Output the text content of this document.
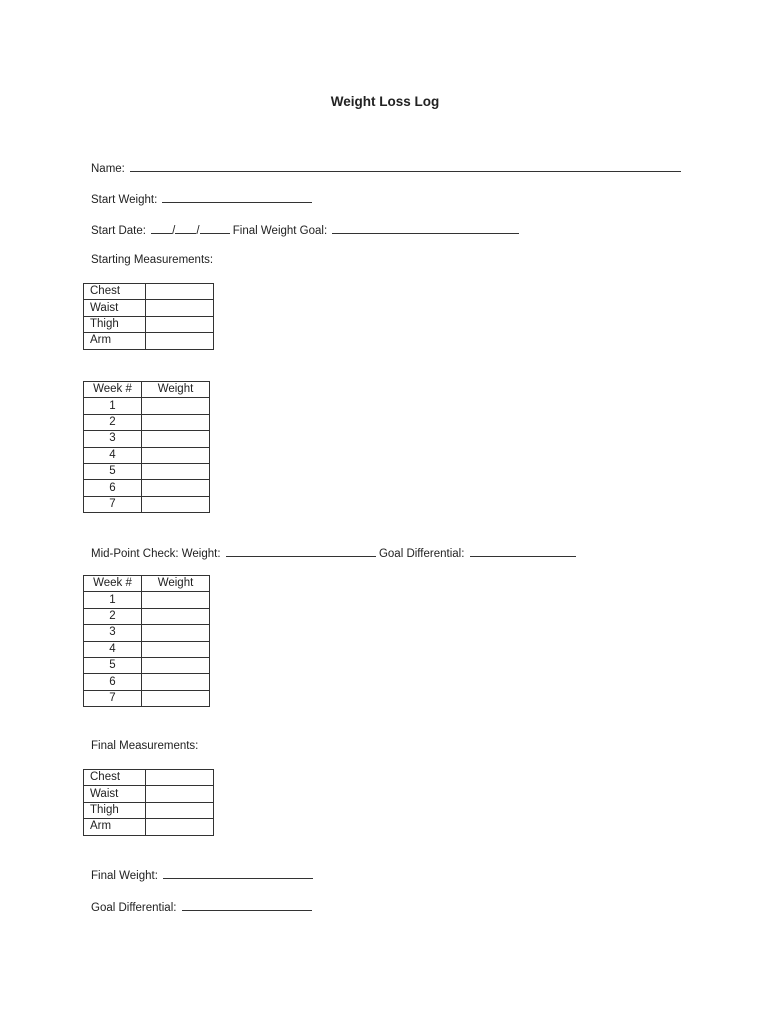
Weight Loss Log
Name:
Start Weight:
Start Date: / /	Final Weight Goal:
Starting Measurements:
Chest	
Waist	
Thigh	
Arm	
Week #	Weight
1	
2	
3	
4	
5	
6	
7	
Mid-Point Check: Weight:	Goal Differential:
Week #	Weight
1	
2	
3	
4	
5	
6	
7	
Final Measurements:
Chest	
Waist	
Thigh	
Arm	
Final Weight:
Goal Differential:
